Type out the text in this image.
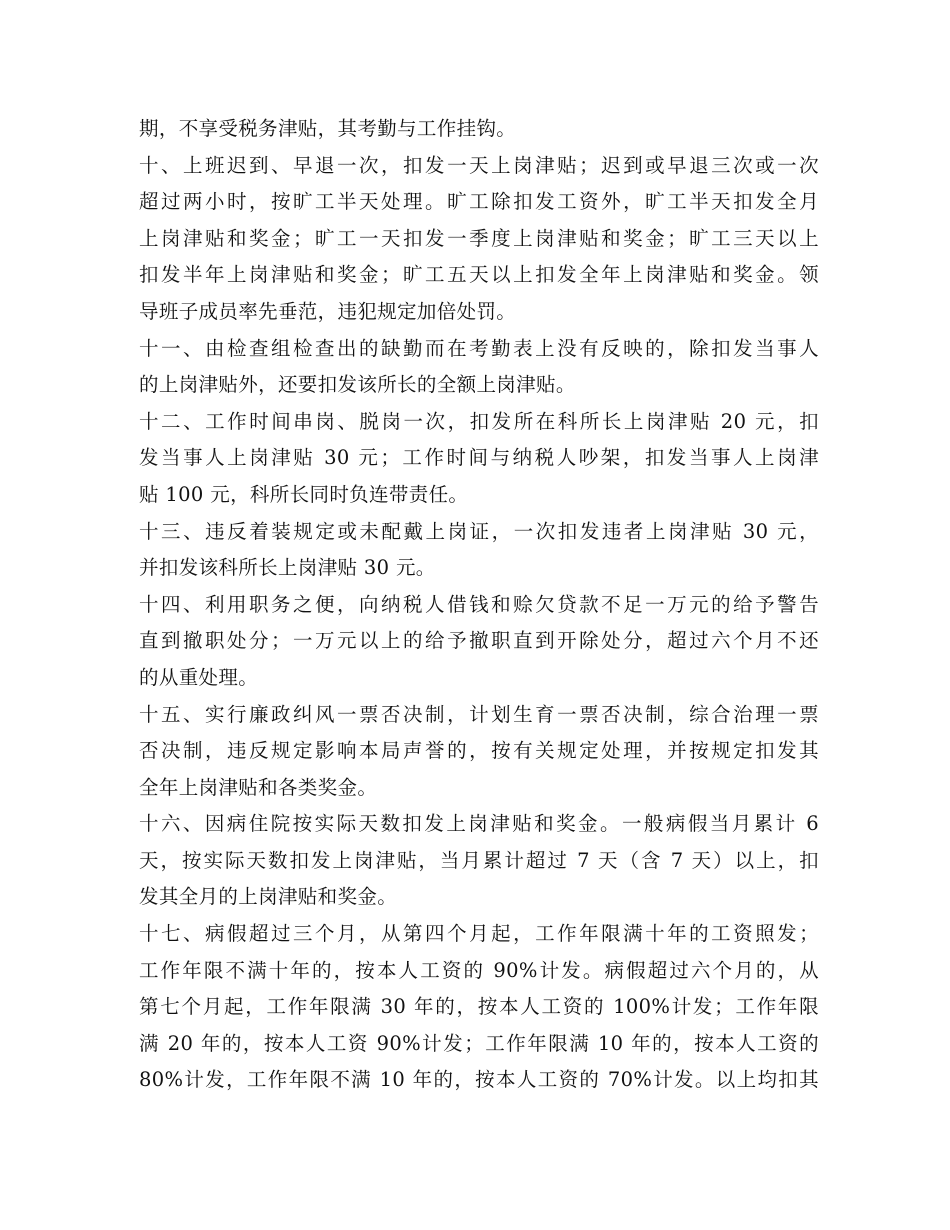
期，不享受税务津贴，其考勤与工作挂钩。
十、上班迟到、早退一次，扣发一天上岗津贴；迟到或早退三次或一次
超过两小时，按旷工半天处理。旷工除扣发工资外，旷工半天扣发全月
上岗津贴和奖金；旷工一天扣发一季度上岗津贴和奖金；旷工三天以上
扣发半年上岗津贴和奖金；旷工五天以上扣发全年上岗津贴和奖金。领
导班子成员率先垂范，违犯规定加倍处罚。
十一、由检查组检查出的缺勤而在考勤表上没有反映的，除扣发当事人
的上岗津贴外，还要扣发该所长的全额上岗津贴。
十二、工作时间串岗、脱岗一次，扣发所在科所长上岗津贴 20 元，扣
发当事人上岗津贴 30 元；工作时间与纳税人吵架，扣发当事人上岗津
贴 100 元，科所长同时负连带责任。
十三、违反着装规定或未配戴上岗证，一次扣发违者上岗津贴 30 元，
并扣发该科所长上岗津贴 30 元。
十四、利用职务之便，向纳税人借钱和赊欠贷款不足一万元的给予警告
直到撤职处分；一万元以上的给予撤职直到开除处分，超过六个月不还
的从重处理。
十五、实行廉政纠风一票否决制，计划生育一票否决制，综合治理一票
否决制，违反规定影响本局声誉的，按有关规定处理，并按规定扣发其
全年上岗津贴和各类奖金。
十六、因病住院按实际天数扣发上岗津贴和奖金。一般病假当月累计 6
天，按实际天数扣发上岗津贴，当月累计超过 7 天（含 7 天）以上，扣
发其全月的上岗津贴和奖金。
十七、病假超过三个月，从第四个月起，工作年限满十年的工资照发；
工作年限不满十年的，按本人工资的 90%计发。病假超过六个月的，从
第七个月起，工作年限满 30 年的，按本人工资的 100%计发；工作年限
满 20 年的，按本人工资 90%计发；工作年限满 10 年的，按本人工资的
80%计发，工作年限不满 10 年的，按本人工资的 70%计发。以上均扣其
